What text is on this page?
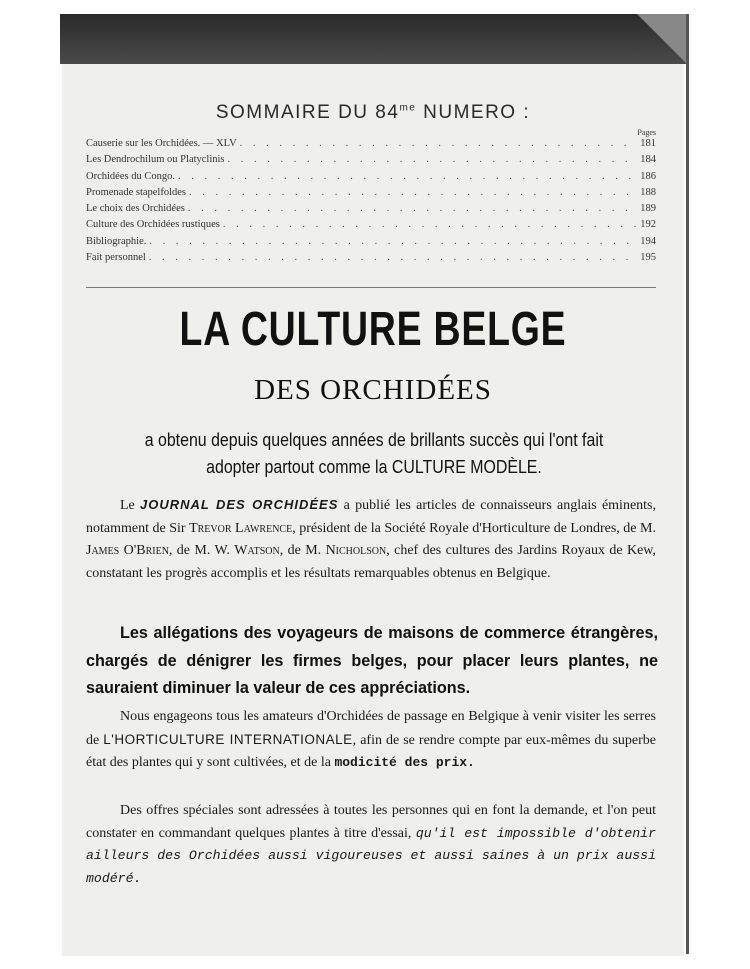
SOMMAIRE DU $84^{me}$ NUMERO :
Pages
Causerie sur les Orchidées. — XLV . . .	181
Les Dendrochilum ou Platyclinis . . .	184
Orchidées du Congo. . . .	186
Promenade stapelfoldes . . .	188
Le choix des Orchidées . . .	189
Culture des Orchidées rustiques . . .	192
Bibliographie. . . .	194
Fait personnel . . .	195
LA CULTURE BELGE
DES ORCHIDÉES
a obtenu depuis quelques années de brillants succès qui l'ont fait adopter partout comme la CULTURE MODÈLE.
Le JOURNAL DES ORCHIDÉES a publié les articles de connaisseurs anglais éminents, notamment de Sir Trevor Lawrence, président de la Société Royale d'Horticulture de Londres, de M. James O'Brien, de M. W. Watson, de M. Nicholson, chef des cultures des Jardins Royaux de Kew, constatant les progrès accomplis et les résultats remarquables obtenus en Belgique.
Les allégations des voyageurs de maisons de commerce étrangères, chargés de dénigrer les firmes belges, pour placer leurs plantes, ne sauraient diminuer la valeur de ces appréciations.
Nous engageons tous les amateurs d'Orchidées de passage en Belgique à venir visiter les serres de L'HORTICULTURE INTERNATIONALE, afin de se rendre compte par eux-mêmes du superbe état des plantes qui y sont cultivées, et de la modicité des prix.
Des offres spéciales sont adressées à toutes les personnes qui en font la demande, et l'on peut constater en commandant quelques plantes à titre d'essai, qu'il est impossible d'obtenir ailleurs des Orchidées aussi vigoureuses et aussi saines à un prix aussi modéré.
